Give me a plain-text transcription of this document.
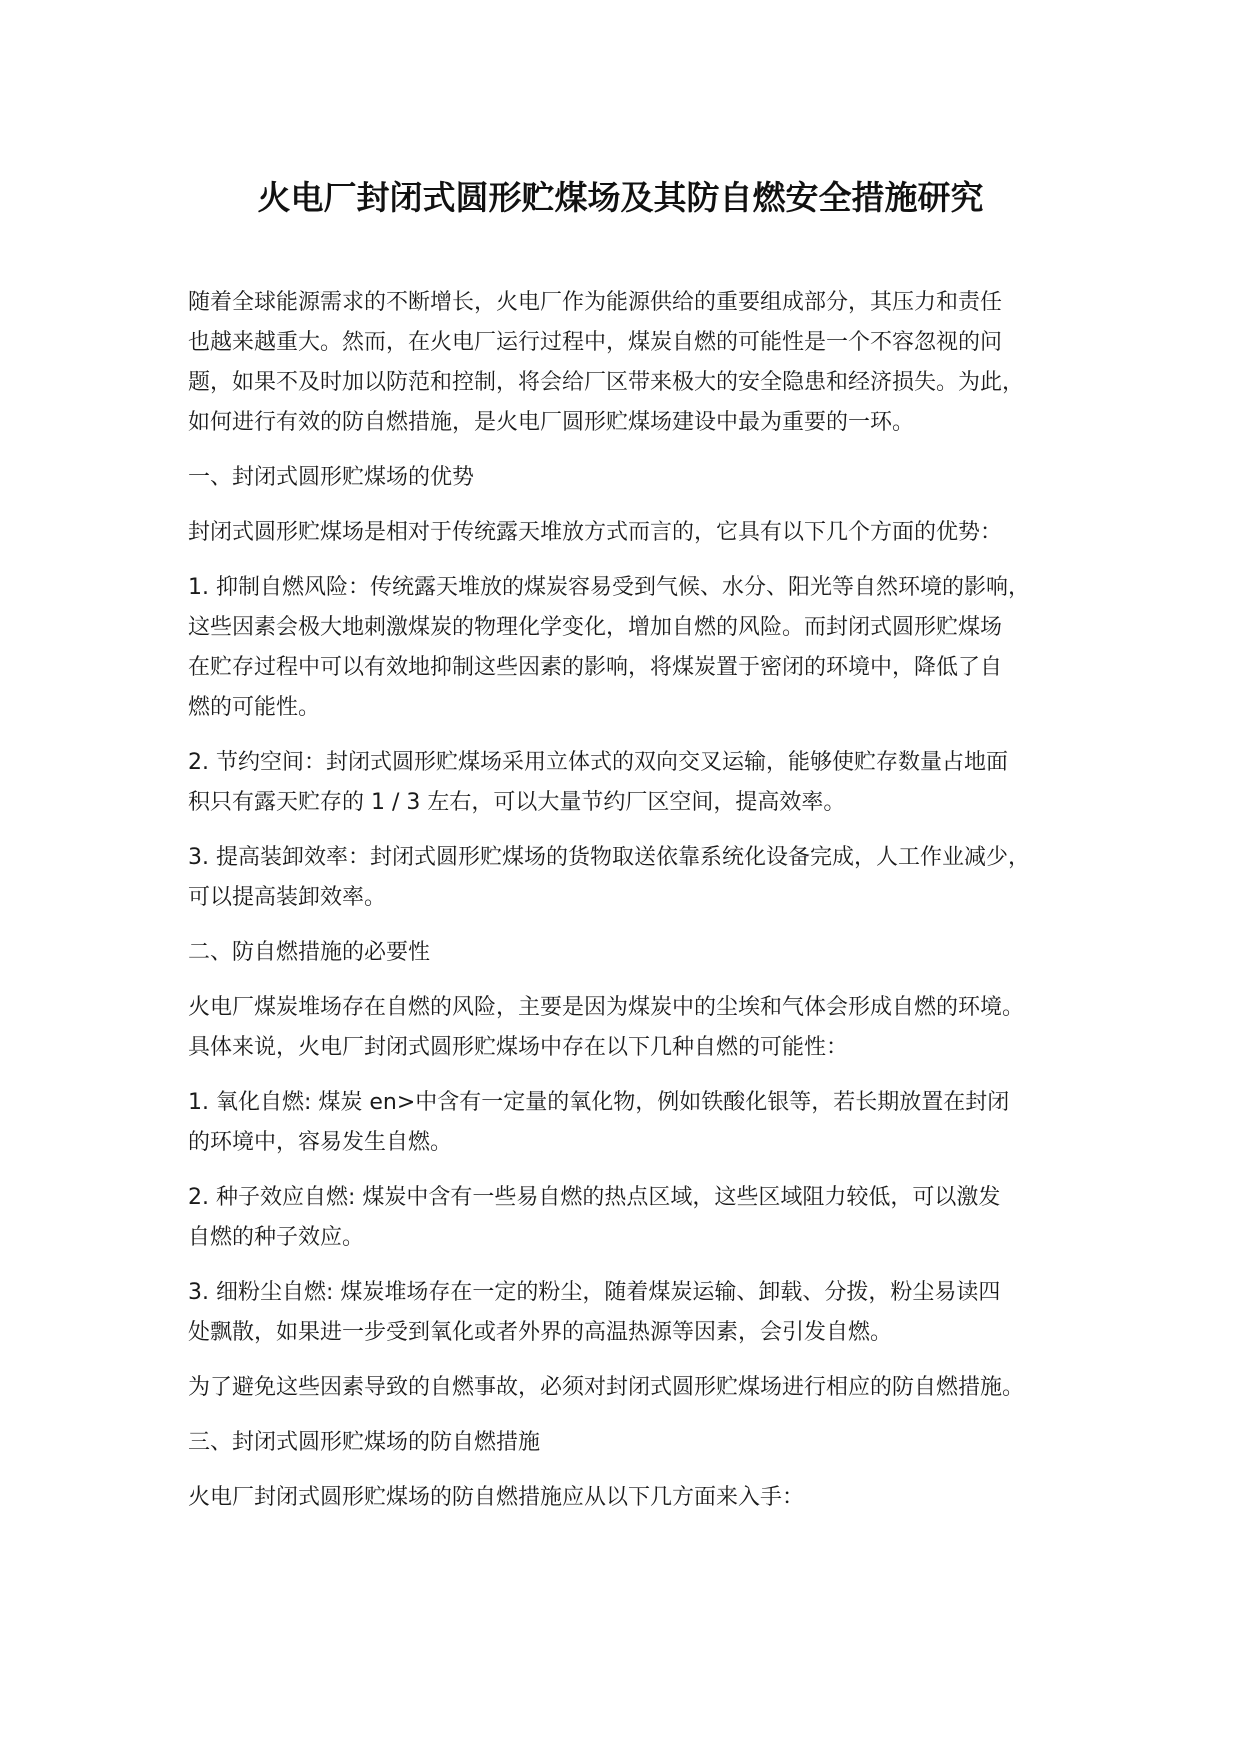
火电厂封闭式圆形贮煤场及其防自燃安全措施研究

随着全球能源需求的不断增长，火电厂作为能源供给的重要组成部分，其压力和责任
也越来越重大。然而，在火电厂运行过程中，煤炭自燃的可能性是一个不容忽视的问
题，如果不及时加以防范和控制，将会给厂区带来极大的安全隐患和经济损失。为此，
如何进行有效的防自燃措施，是火电厂圆形贮煤场建设中最为重要的一环。

一、封闭式圆形贮煤场的优势

封闭式圆形贮煤场是相对于传统露天堆放方式而言的，它具有以下几个方面的优势：

1. 抑制自燃风险：传统露天堆放的煤炭容易受到气候、水分、阳光等自然环境的影响，
这些因素会极大地刺激煤炭的物理化学变化，增加自燃的风险。而封闭式圆形贮煤场
在贮存过程中可以有效地抑制这些因素的影响，将煤炭置于密闭的环境中，降低了自
燃的可能性。

2. 节约空间：封闭式圆形贮煤场采用立体式的双向交叉运输，能够使贮存数量占地面
积只有露天贮存的 1 / 3 左右，可以大量节约厂区空间，提高效率。

3. 提高装卸效率：封闭式圆形贮煤场的货物取送依靠系统化设备完成，人工作业减少，
可以提高装卸效率。

二、防自燃措施的必要性

火电厂煤炭堆场存在自燃的风险，主要是因为煤炭中的尘埃和气体会形成自燃的环境。
具体来说，火电厂封闭式圆形贮煤场中存在以下几种自燃的可能性：

1. 氧化自燃: 煤炭 en>中含有一定量的氧化物，例如铁酸化银等，若长期放置在封闭
的环境中，容易发生自燃。

2. 种子效应自燃: 煤炭中含有一些易自燃的热点区域，这些区域阻力较低，可以激发
自燃的种子效应。

3. 细粉尘自燃: 煤炭堆场存在一定的粉尘，随着煤炭运输、卸载、分拨，粉尘易读四
处飘散，如果进一步受到氧化或者外界的高温热源等因素，会引发自燃。

为了避免这些因素导致的自燃事故，必须对封闭式圆形贮煤场进行相应的防自燃措施。

三、封闭式圆形贮煤场的防自燃措施

火电厂封闭式圆形贮煤场的防自燃措施应从以下几方面来入手：
